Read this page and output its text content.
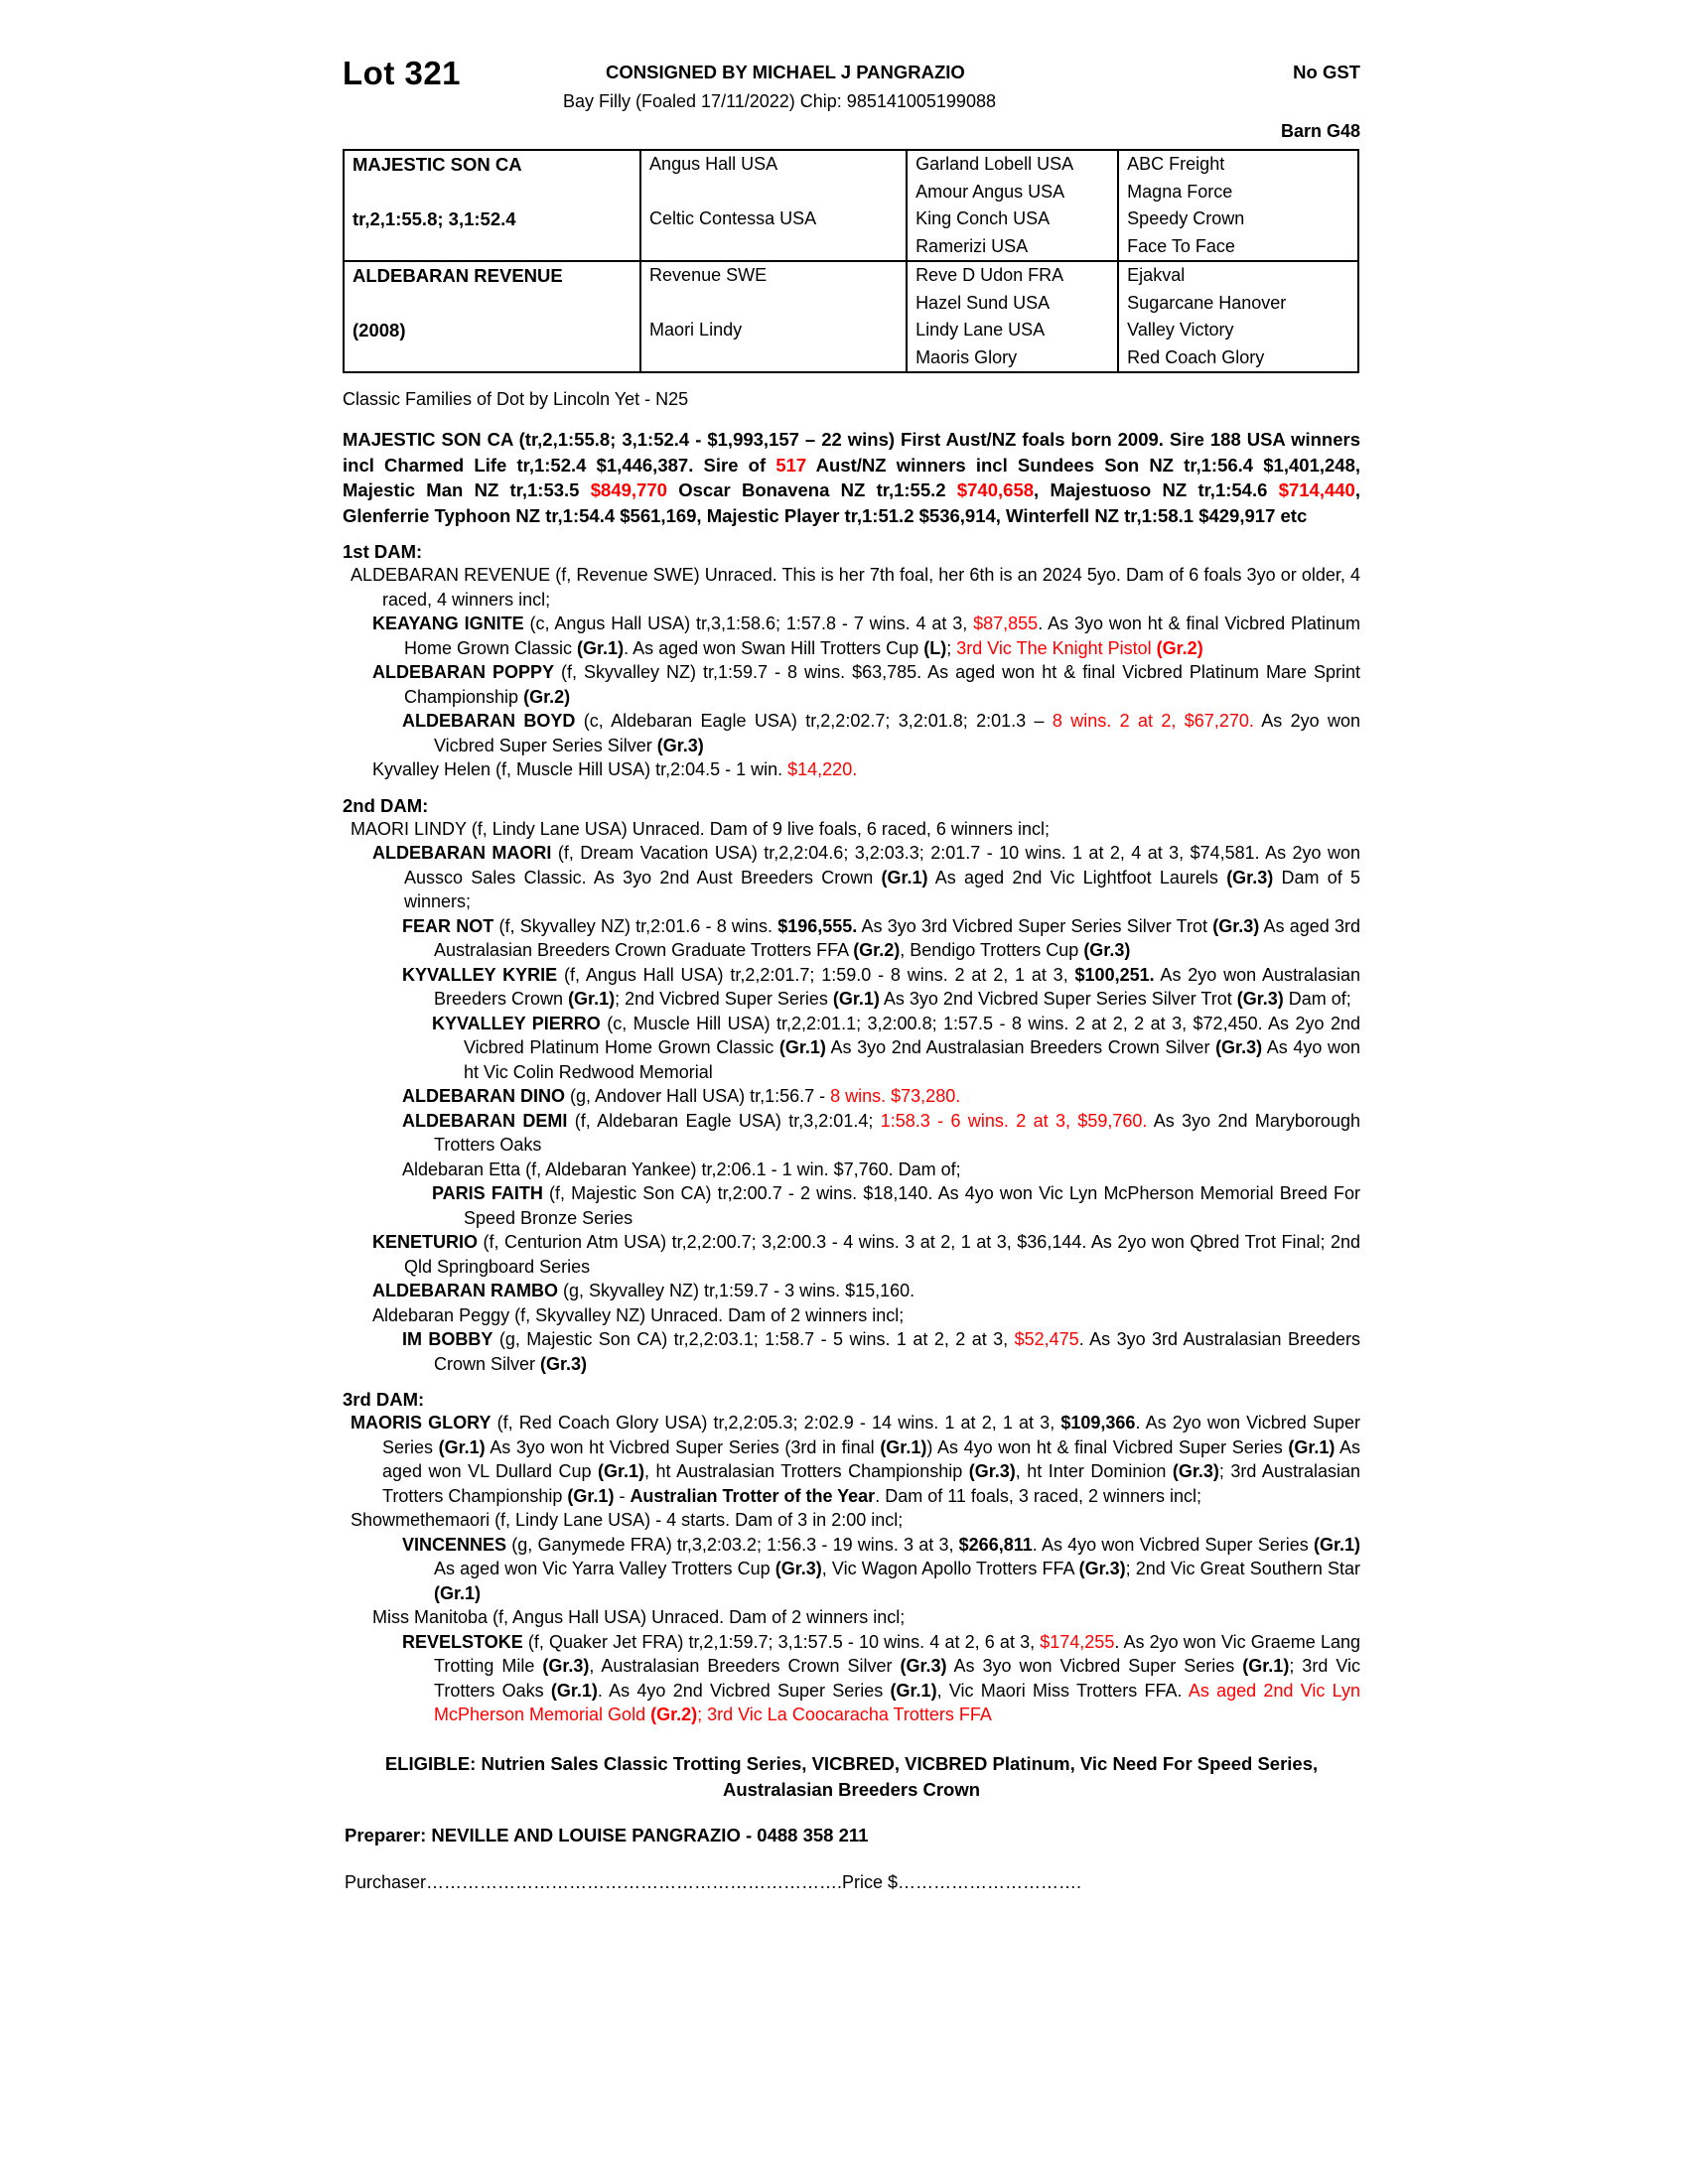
Lot 321	CONSIGNED BY MICHAEL J PANGRAZIO	No GST
Bay Filly (Foaled 17/11/2022) Chip: 985141005199088
Barn G48
MAJESTIC SON CA	Angus Hall USA	Garland Lobell USA	ABC Freight
		Amour Angus USA	Magna Force

tr,2,1:55.8; 3,1:52.4	Celtic Contessa USA	King Conch USA	Speedy Crown
		Ramerizi USA	Face To Face

ALDEBARAN REVENUE	Revenue SWE	Reve D Udon FRA	Ejakval
		Hazel Sund USA	Sugarcane Hanover

(2008)	Maori Lindy	Lindy Lane USA	Valley Victory
		Maoris Glory	Red Coach Glory
Classic Families of Dot by Lincoln Yet - N25
MAJESTIC SON CA (tr,2,1:55.8; 3,1:52.4 - $1,993,157 – 22 wins) First Aust/NZ foals born 2009. Sire 188 USA winners incl Charmed Life tr,1:52.4 $1,446,387. Sire of 517 Aust/NZ winners incl Sundees Son NZ tr,1:56.4 $1,401,248, Majestic Man NZ tr,1:53.5 $849,770 Oscar Bonavena NZ tr,1:55.2 $740,658, Majestuoso NZ tr,1:54.6 $714,440, Glenferrie Typhoon NZ tr,1:54.4 $561,169, Majestic Player tr,1:51.2 $536,914, Winterfell NZ tr,1:58.1 $429,917 etc
1st DAM:

ALDEBARAN REVENUE (f, Revenue SWE) Unraced. This is her 7th foal, her 6th is an 2024 5yo. Dam of 6 foals 3yo or older, 4 raced, 4 winners incl;

KEAYANG IGNITE (c, Angus Hall USA) tr,3,1:58.6; 1:57.8 - 7 wins. 4 at 3, $87,855. As 3yo won ht & final Vicbred Platinum Home Grown Classic (Gr.1). As aged won Swan Hill Trotters Cup (L); 3rd Vic The Knight Pistol (Gr.2)

ALDEBARAN POPPY (f, Skyvalley NZ) tr,1:59.7 - 8 wins. $63,785. As aged won ht & final Vicbred Platinum Mare Sprint Championship (Gr.2)

ALDEBARAN BOYD (c, Aldebaran Eagle USA) tr,2,2:02.7; 3,2:01.8; 2:01.3 – 8 wins. 2 at 2, $67,270. As 2yo won Vicbred Super Series Silver (Gr.3)

Kyvalley Helen (f, Muscle Hill USA) tr,2:04.5 - 1 win. $14,220.

2nd DAM:

MAORI LINDY (f, Lindy Lane USA) Unraced. Dam of 9 live foals, 6 raced, 6 winners incl;

ALDEBARAN MAORI (f, Dream Vacation USA) tr,2,2:04.6; 3,2:03.3; 2:01.7 - 10 wins. 1 at 2, 4 at 3, $74,581. As 2yo won Aussco Sales Classic. As 3yo 2nd Aust Breeders Crown (Gr.1) As aged 2nd Vic Lightfoot Laurels (Gr.3) Dam of 5 winners;

FEAR NOT (f, Skyvalley NZ) tr,2:01.6 - 8 wins. $196,555. As 3yo 3rd Vicbred Super Series Silver Trot (Gr.3) As aged 3rd Australasian Breeders Crown Graduate Trotters FFA (Gr.2), Bendigo Trotters Cup (Gr.3)

KYVALLEY KYRIE (f, Angus Hall USA) tr,2,2:01.7; 1:59.0 - 8 wins. 2 at 2, 1 at 3, $100,251. As 2yo won Australasian Breeders Crown (Gr.1); 2nd Vicbred Super Series (Gr.1) As 3yo 2nd Vicbred Super Series Silver Trot (Gr.3) Dam of;

KYVALLEY PIERRO (c, Muscle Hill USA) tr,2,2:01.1; 3,2:00.8; 1:57.5 - 8 wins. 2 at 2, 2 at 3, $72,450. As 2yo 2nd Vicbred Platinum Home Grown Classic (Gr.1) As 3yo 2nd Australasian Breeders Crown Silver (Gr.3) As 4yo won ht Vic Colin Redwood Memorial

ALDEBARAN DINO (g, Andover Hall USA) tr,1:56.7 - 8 wins. $73,280.

ALDEBARAN DEMI (f, Aldebaran Eagle USA) tr,3,2:01.4; 1:58.3 - 6 wins. 2 at 3, $59,760. As 3yo 2nd Maryborough Trotters Oaks

Aldebaran Etta (f, Aldebaran Yankee) tr,2:06.1 - 1 win. $7,760. Dam of;

PARIS FAITH (f, Majestic Son CA) tr,2:00.7 - 2 wins. $18,140. As 4yo won Vic Lyn McPherson Memorial Breed For Speed Bronze Series

KENETURIO (f, Centurion Atm USA) tr,2,2:00.7; 3,2:00.3 - 4 wins. 3 at 2, 1 at 3, $36,144. As 2yo won Qbred Trot Final; 2nd Qld Springboard Series

ALDEBARAN RAMBO (g, Skyvalley NZ) tr,1:59.7 - 3 wins. $15,160.

Aldebaran Peggy (f, Skyvalley NZ) Unraced. Dam of 2 winners incl;

IM BOBBY (g, Majestic Son CA) tr,2,2:03.1; 1:58.7 - 5 wins. 1 at 2, 2 at 3, $52,475. As 3yo 3rd Australasian Breeders Crown Silver (Gr.3)

3rd DAM:

MAORIS GLORY (f, Red Coach Glory USA) tr,2,2:05.3; 2:02.9 - 14 wins. 1 at 2, 1 at 3, $109,366. As 2yo won Vicbred Super Series (Gr.1) As 3yo won ht Vicbred Super Series (3rd in final (Gr.1)) As 4yo won ht & final Vicbred Super Series (Gr.1) As aged won VL Dullard Cup (Gr.1), ht Australasian Trotters Championship (Gr.3), ht Inter Dominion (Gr.3); 3rd Australasian Trotters Championship (Gr.1) - Australian Trotter of the Year. Dam of 11 foals, 3 raced, 2 winners incl;

Showmethemaori (f, Lindy Lane USA) - 4 starts. Dam of 3 in 2:00 incl;

VINCENNES (g, Ganymede FRA) tr,3,2:03.2; 1:56.3 - 19 wins. 3 at 3, $266,811. As 4yo won Vicbred Super Series (Gr.1) As aged won Vic Yarra Valley Trotters Cup (Gr.3), Vic Wagon Apollo Trotters FFA (Gr.3); 2nd Vic Great Southern Star (Gr.1)

Miss Manitoba (f, Angus Hall USA) Unraced. Dam of 2 winners incl;

REVELSTOKE (f, Quaker Jet FRA) tr,2,1:59.7; 3,1:57.5 - 10 wins. 4 at 2, 6 at 3, $174,255. As 2yo won Vic Graeme Lang Trotting Mile (Gr.3), Australasian Breeders Crown Silver (Gr.3) As 3yo won Vicbred Super Series (Gr.1); 3rd Vic Trotters Oaks (Gr.1). As 4yo 2nd Vicbred Super Series (Gr.1), Vic Maori Miss Trotters FFA. As aged 2nd Vic Lyn McPherson Memorial Gold (Gr.2); 3rd Vic La Coocaracha Trotters FFA

ELIGIBLE: Nutrien Sales Classic Trotting Series, VICBRED, VICBRED Platinum, Vic Need For Speed Series, Australasian Breeders Crown
Preparer: NEVILLE AND LOUISE PANGRAZIO - 0488 358 211
Purchaser…………………………………………………………….Price $………………………….
